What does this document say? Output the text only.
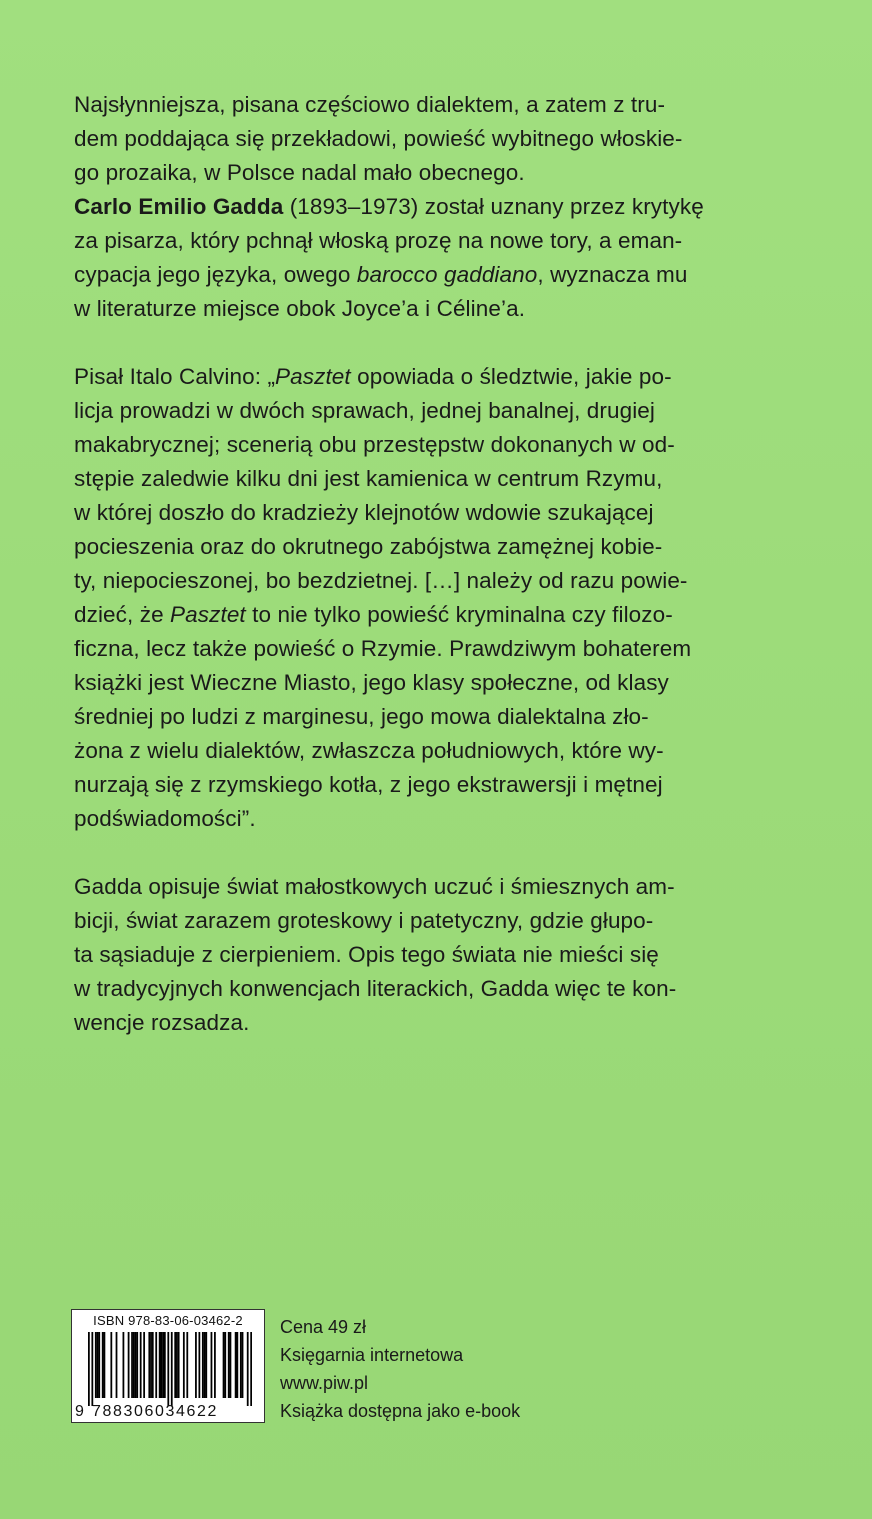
Najsłynniejsza, pisana częściowo dialektem, a zatem z tru-
dem poddająca się przekładowi, powieść wybitnego włoskie-
go prozaika, w Polsce nadal mało obecnego.
Carlo Emilio Gadda (1893–1973) został uznany przez krytykę
za pisarza, który pchnął włoską prozę na nowe tory, a eman-
cypacja jego języka, owego barocco gaddiano, wyznacza mu
w literaturze miejsce obok Joyce’a i Céline’a.

Pisał Italo Calvino: „Pasztet opowiada o śledztwie, jakie po-
licja prowadzi w dwóch sprawach, jednej banalnej, drugiej
makabrycznej; scenerią obu przestępstw dokonanych w od-
stępie zaledwie kilku dni jest kamienica w centrum Rzymu,
w której doszło do kradzieży klejnotów wdowie szukającej
pocieszenia oraz do okrutnego zabójstwa zamężnej kobie-
ty, niepocieszonej, bo bezdzietnej. […] należy od razu powie-
dzieć, że Pasztet to nie tylko powieść kryminalna czy filozo-
ficzna, lecz także powieść o Rzymie. Prawdziwym bohaterem
książki jest Wieczne Miasto, jego klasy społeczne, od klasy
średniej po ludzi z marginesu, jego mowa dialektalna zło-
żona z wielu dialektów, zwłaszcza południowych, które wy-
nurzają się z rzymskiego kotła, z jego ekstrawersji i mętnej
podświadomości”.

Gadda opisuje świat małostkowych uczuć i śmiesznych am-
bicji, świat zarazem groteskowy i patetyczny, gdzie głupo-
ta sąsiaduje z cierpieniem. Opis tego świata nie mieści się
w tradycyjnych konwencjach literackich, Gadda więc te kon-
wencje rozsadza.

ISBN 978-83-06-03462-2
9 788306034622
Cena 49 zł
Księgarnia internetowa
www.piw.pl
Książka dostępna jako e-book
